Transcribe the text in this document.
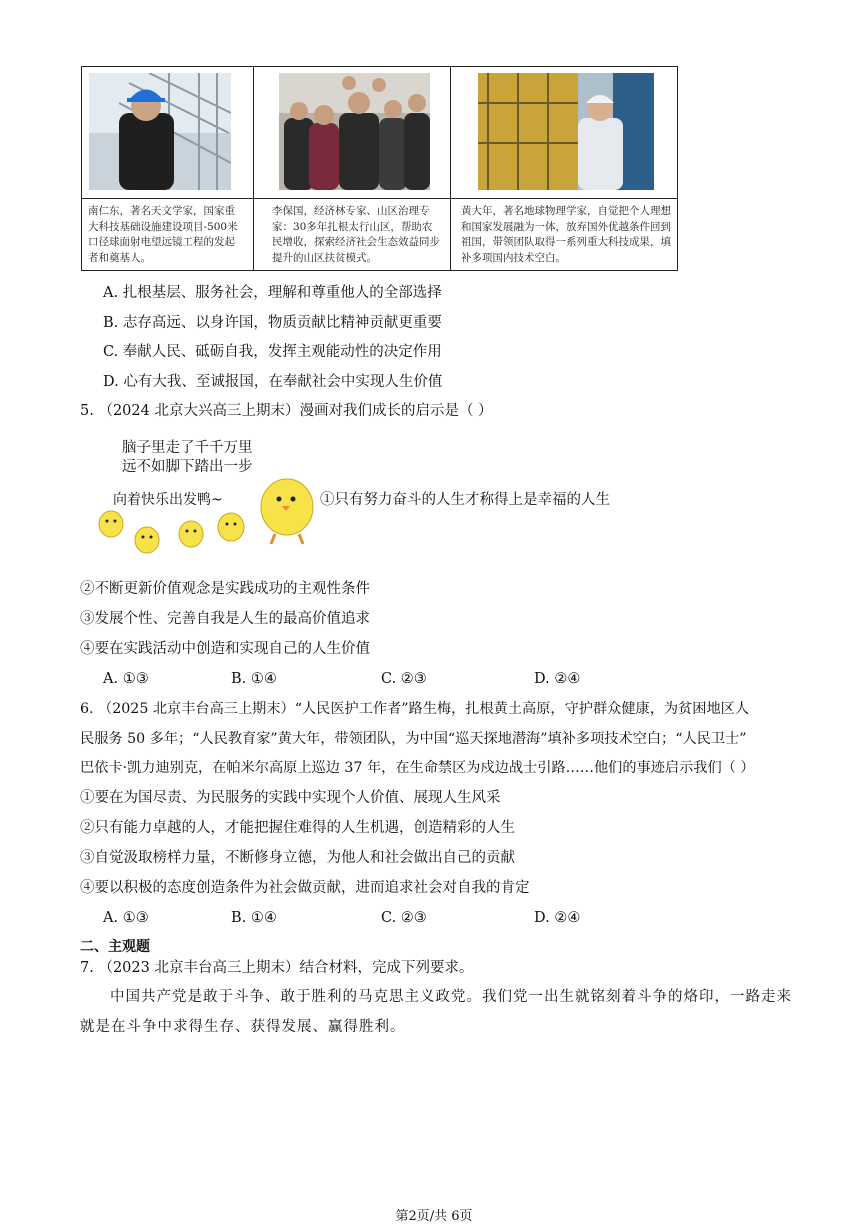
南仁东，著名天文学家，国家重大科技基础设施建设项目-500米口径球面射电望远镜工程的发起者和奠基人。
李保国，经济林专家、山区治理专家：30多年扎根太行山区，帮助农民增收，探索经济社会生态效益同步提升的山区扶贫模式。
黄大年，著名地球物理学家，自觉把个人理想和国家发展融为一体，放弃国外优越条件回到祖国，带领团队取得一系列重大科技成果，填补多项国内技术空白。
A. 扎根基层、服务社会，理解和尊重他人的全部选择
B. 志存高远、以身许国，物质贡献比精神贡献更重要
C. 奉献人民、砥砺自我，发挥主观能动性的决定作用
D. 心有大我、至诚报国，在奉献社会中实现人生价值
5. （2024 北京大兴高三上期末）漫画对我们成长的启示是（ ）
脑子里走了千千万里
远不如脚下踏出一步
向着快乐出发鸭~	①只有努力奋斗的人生才称得上是幸福的人生
②不断更新价值观念是实践成功的主观性条件
③发展个性、完善自我是人生的最高价值追求
④要在实践活动中创造和实现自己的人生价值
A. ①③	B. ①④	C. ②③	D. ②④
6. （2025 北京丰台高三上期末）“人民医护工作者”路生梅，扎根黄土高原，守护群众健康，为贫困地区人
民服务 50 多年；“人民教育家”黄大年，带领团队，为中国“巡天探地潜海”填补多项技术空白；“人民卫士”
巴依卡·凯力迪别克，在帕米尔高原上巡边 37 年，在生命禁区为戍边战士引路……他们的事迹启示我们（ ）
①要在为国尽责、为民服务的实践中实现个人价值、展现人生风采
②只有能力卓越的人，才能把握住难得的人生机遇，创造精彩的人生
③自觉汲取榜样力量，不断修身立德，为他人和社会做出自己的贡献
④要以积极的态度创造条件为社会做贡献，进而追求社会对自我的肯定
A. ①③	B. ①④	C. ②③	D. ②④
二、主观题
7. （2023 北京丰台高三上期末）结合材料，完成下列要求。
中国共产党是敢于斗争、敢于胜利的马克思主义政党。我们党一出生就铭刻着斗争的烙印，一路走来
就是在斗争中求得生存、获得发展、赢得胜利。
第2页/共 6页
